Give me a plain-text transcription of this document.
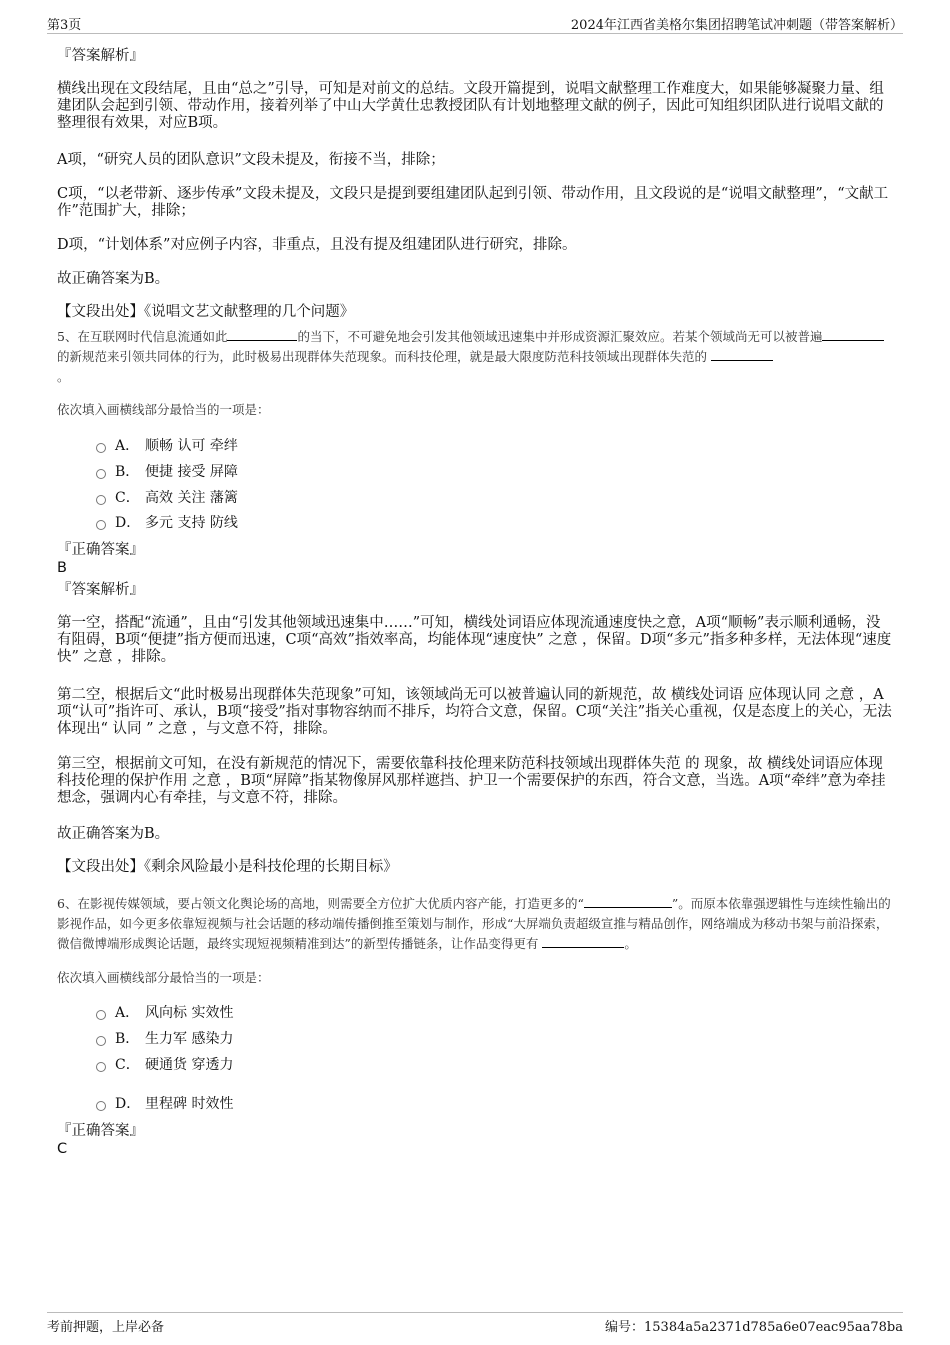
第3页	2024年江西省美格尔集团招聘笔试冲刺题（带答案解析）
『答案解析』
横线出现在文段结尾，且由“总之”引导，可知是对前文的总结。文段开篇提到，说唱文献整理工作难度大，如果能够凝聚力量、组建团队会起到引领、带动作用，接着列举了中山大学黄仕忠教授团队有计划地整理文献的例子，因此可知组织团队进行说唱文献的整理很有效果，对应B项。
A项，“研究人员的团队意识”文段未提及，衔接不当，排除；
C项，“以老带新、逐步传承”文段未提及，文段只是提到要组建团队起到引领、带动作用，且文段说的是“说唱文献整理”，“文献工作”范围扩大，排除；
D项，“计划体系”对应例子内容，非重点，且没有提及组建团队进行研究，排除。
故正确答案为B。
【文段出处】《说唱文艺文献整理的几个问题》
5、在互联网时代信息流通如此	的当下，不可避免地会引发其他领域迅速集中并形成资源汇聚效应。若某个领域尚无可以被普遍的新规范来引领共同体的行为，此时极易出现群体失范现象。而科技伦理，就是最大限度防范科技领域出现群体失范的
。
依次填入画横线部分最恰当的一项是：
A． 顺畅 认可 牵绊
B． 便捷 接受 屏障
C． 高效 关注 藩篱
D． 多元 支持 防线
『正确答案』
B
『答案解析』
第一空，搭配“流通”，且由“引发其他领域迅速集中……”可知，横线处词语应体现流通速度快之意，A项“顺畅”表示顺利通畅，没有阻碍，B项“便捷”指方便而迅速，C项“高效”指效率高，均能体现“速度快” 之意 ，保留。D项“多元”指多种多样，无法体现“速度快” 之意 ，排除。
第二空，根据后文“此时极易出现群体失范现象”可知，该领域尚无可以被普遍认同的新规范，故 横线处词语 应体现认同 之意 ，A项“认可”指许可、承认，B项“接受”指对事物容纳而不排斥，均符合文意，保留。C项“关注”指关心重视，仅是态度上的关心，无法体现出“ 认同 ” 之意 ，与文意不符，排除。
第三空，根据前文可知，在没有新规范的情况下，需要依靠科技伦理来防范科技领域出现群体失范 的 现象，故 横线处词语应体现科技伦理的保护作用 之意 ，B项“屏障”指某物像屏风那样遮挡、护卫一个需要保护的东西，符合文意，当选。A项“牵绊”意为牵挂想念，强调内心有牵挂，与文意不符，排除。
故正确答案为B。
【文段出处】《剩余风险最小是科技伦理的长期目标》
6、在影视传媒领域，要占领文化舆论场的高地，则需要全方位扩大优质内容产能，打造更多的“	”。而原本依靠强逻辑性与连续性输出的影视作品，如今更多依靠短视频与社会话题的移动端传播倒推至策划与制作，形成“大屏端负责超级宣推与精品创作，网络端成为移动书架与前沿探索，微信微博端形成舆论话题，最终实现短视频精准到达”的新型传播链条，让作品变得更有	。
依次填入画横线部分最恰当的一项是：
A． 风向标 实效性
B． 生力军 感染力
C． 硬通货 穿透力
D． 里程碑 时效性
『正确答案』
C
考前押题，上岸必备	编号：15384a5a2371d785a6e07eac95aa78ba
